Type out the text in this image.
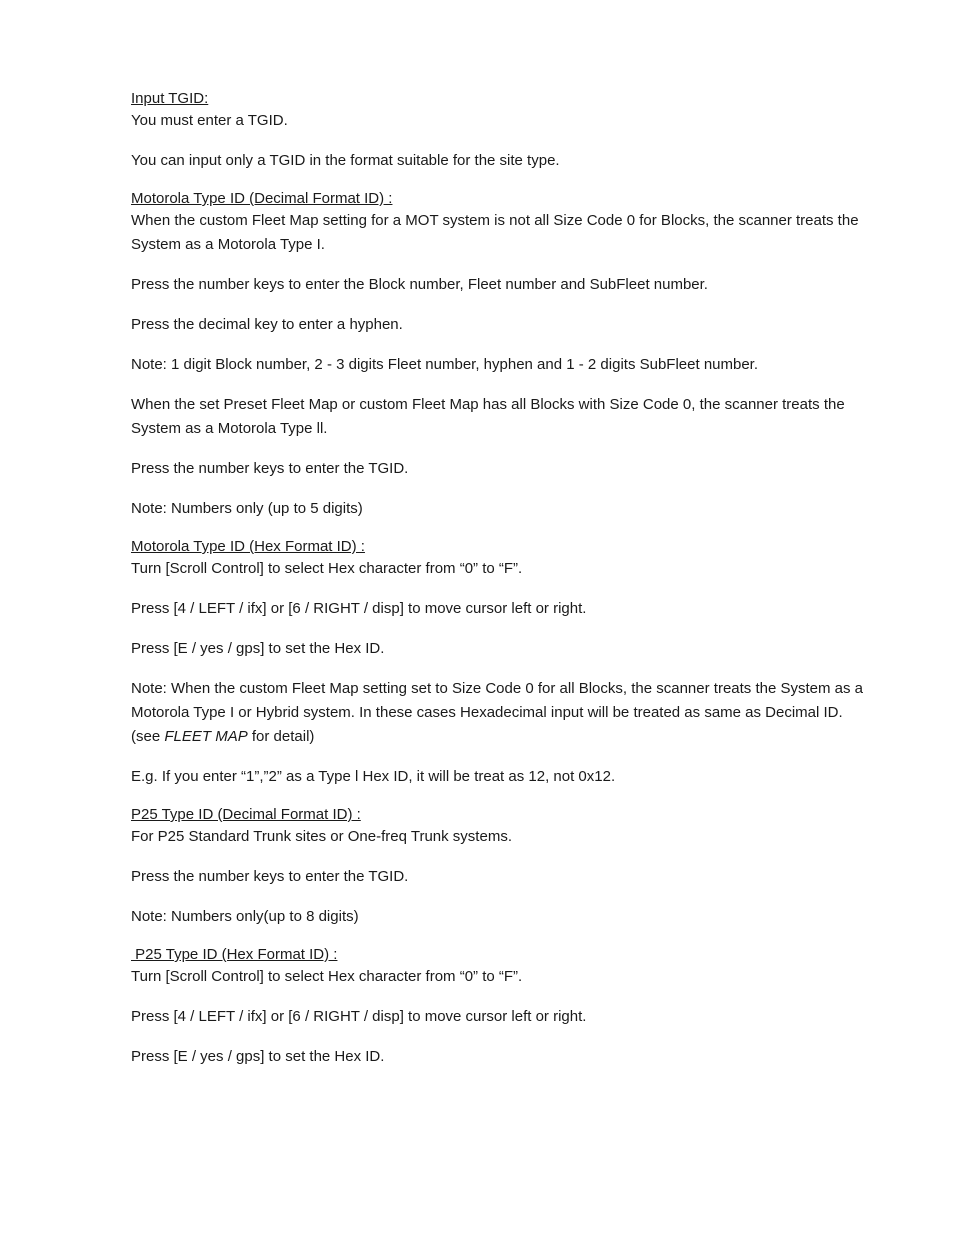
Input TGID:
You must enter a TGID.
You can input only a TGID in the format suitable for the site type.
Motorola Type ID (Decimal Format ID) :
When the custom Fleet Map setting for a MOT system is not all Size Code 0 for Blocks, the scanner treats the System as a Motorola Type I.
Press the number keys to enter the Block number, Fleet number and SubFleet number.
Press the decimal key to enter a hyphen.
Note: 1 digit Block number, 2 - 3 digits Fleet number, hyphen and 1 - 2 digits SubFleet number.
When the set Preset Fleet Map or custom Fleet Map has all Blocks with Size Code 0, the scanner treats the System as a Motorola Type ll.
Press the number keys to enter the TGID.
Note: Numbers only (up to 5 digits)
Motorola Type ID (Hex Format ID) :
Turn [Scroll Control] to select Hex character from “0” to “F”.
Press [4 / LEFT / ifx] or [6 / RIGHT / disp] to move cursor left or right.
Press [E / yes / gps] to set the Hex ID.
Note: When the custom Fleet Map setting set to Size Code 0 for all Blocks, the scanner treats the System as a Motorola Type I or Hybrid system. In these cases Hexadecimal input will be treated as same as Decimal ID. (see FLEET MAP for detail)
E.g. If you enter “1”,”2” as a Type l Hex ID, it will be treat as 12, not 0x12.
P25 Type ID (Decimal Format ID) :
For P25 Standard Trunk sites or One-freq Trunk systems.
Press the number keys to enter the TGID.
Note: Numbers only(up to 8 digits)
P25 Type ID (Hex Format ID) :
Turn [Scroll Control] to select Hex character from “0” to “F”.
Press [4 / LEFT / ifx] or [6 / RIGHT / disp] to move cursor left or right.
Press [E / yes / gps] to set the Hex ID.
